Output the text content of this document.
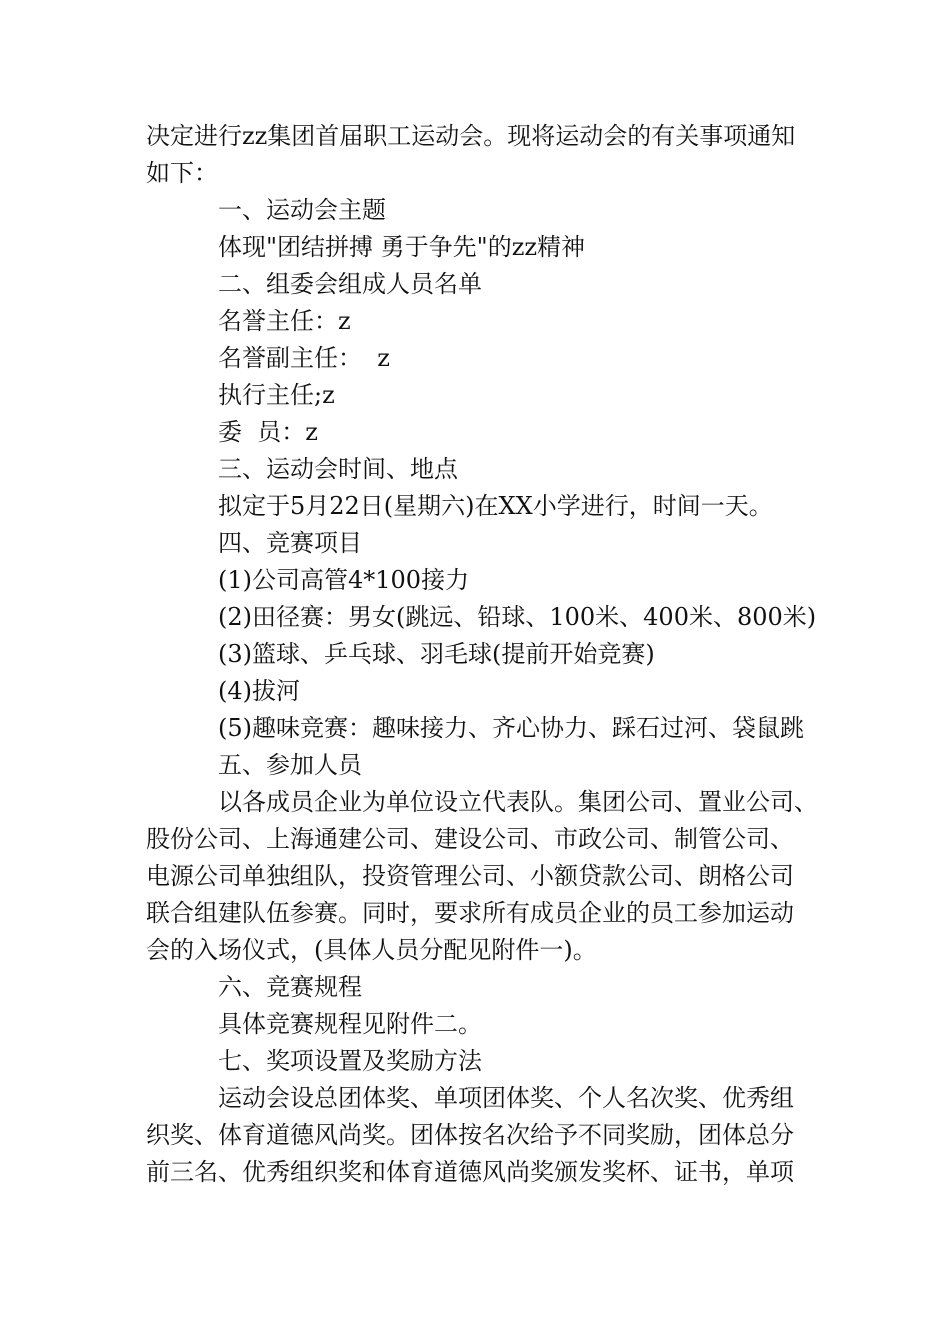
决定进行zz集团首届职工运动会。现将运动会的有关事项通知
如下：
一、运动会主题
体现"团结拼搏 勇于争先"的zz精神
二、组委会组成人员名单
名誉主任：z
名誉副主任：  z
执行主任;z
委  员：z
三、运动会时间、地点
拟定于5月22日(星期六)在XX小学进行，时间一天。
四、竞赛项目
(1)公司高管4*100接力
(2)田径赛：男女(跳远、铅球、100米、400米、800米)
(3)篮球、乒乓球、羽毛球(提前开始竞赛)
(4)拔河
(5)趣味竞赛：趣味接力、齐心协力、踩石过河、袋鼠跳
五、参加人员
以各成员企业为单位设立代表队。集团公司、置业公司、
股份公司、上海通建公司、建设公司、市政公司、制管公司、
电源公司单独组队，投资管理公司、小额贷款公司、朗格公司
联合组建队伍参赛。同时，要求所有成员企业的员工参加运动
会的入场仪式，(具体人员分配见附件一)。
六、竞赛规程
具体竞赛规程见附件二。
七、奖项设置及奖励方法
运动会设总团体奖、单项团体奖、个人名次奖、优秀组
织奖、体育道德风尚奖。团体按名次给予不同奖励，团体总分
前三名、优秀组织奖和体育道德风尚奖颁发奖杯、证书，单项
